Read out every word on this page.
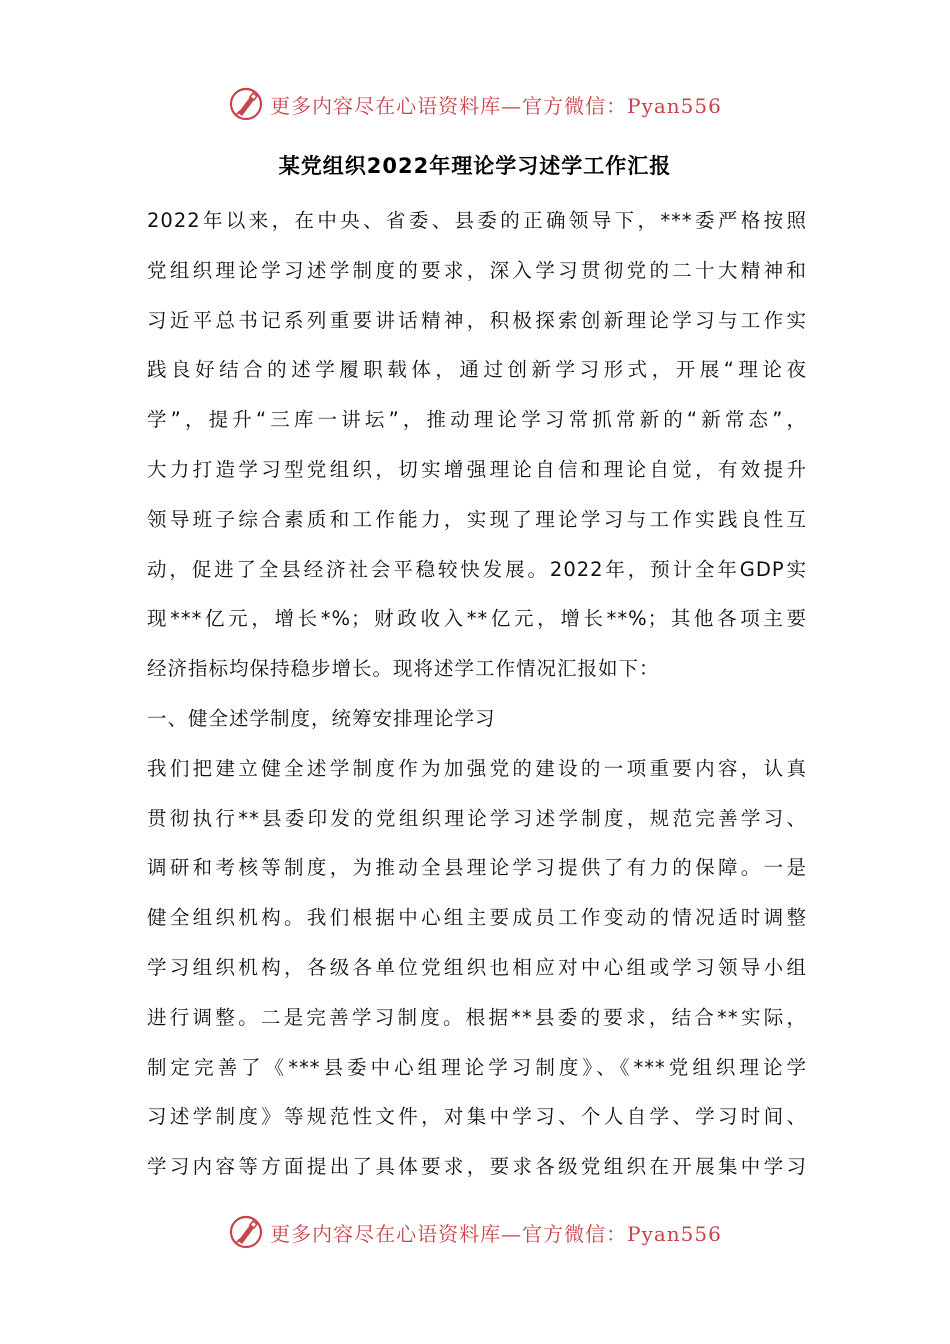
更多内容尽在心语资料库—官方微信：Pyan556
某党组织2022年理论学习述学工作汇报
2022年以来，在中央、省委、县委的正确领导下，***委严格按照
党组织理论学习述学制度的要求，深入学习贯彻党的二十大精神和
习近平总书记系列重要讲话精神，积极探索创新理论学习与工作实
践良好结合的述学履职载体，通过创新学习形式，开展“理论夜
学”，提升“三库一讲坛”，推动理论学习常抓常新的“新常态”，
大力打造学习型党组织，切实增强理论自信和理论自觉，有效提升
领导班子综合素质和工作能力，实现了理论学习与工作实践良性互
动，促进了全县经济社会平稳较快发展。2022年，预计全年GDP实
现***亿元，增长*%；财政收入**亿元，增长**%；其他各项主要
经济指标均保持稳步增长。现将述学工作情况汇报如下：
一、健全述学制度，统筹安排理论学习
我们把建立健全述学制度作为加强党的建设的一项重要内容，认真
贯彻执行**县委印发的党组织理论学习述学制度，规范完善学习、
调研和考核等制度，为推动全县理论学习提供了有力的保障。一是
健全组织机构。我们根据中心组主要成员工作变动的情况适时调整
学习组织机构，各级各单位党组织也相应对中心组或学习领导小组
进行调整。二是完善学习制度。根据**县委的要求，结合**实际，
制定完善了《***县委中心组理论学习制度》、《***党组织理论学
习述学制度》等规范性文件，对集中学习、个人自学、学习时间、
学习内容等方面提出了具体要求，要求各级党组织在开展集中学习
更多内容尽在心语资料库—官方微信：Pyan556
